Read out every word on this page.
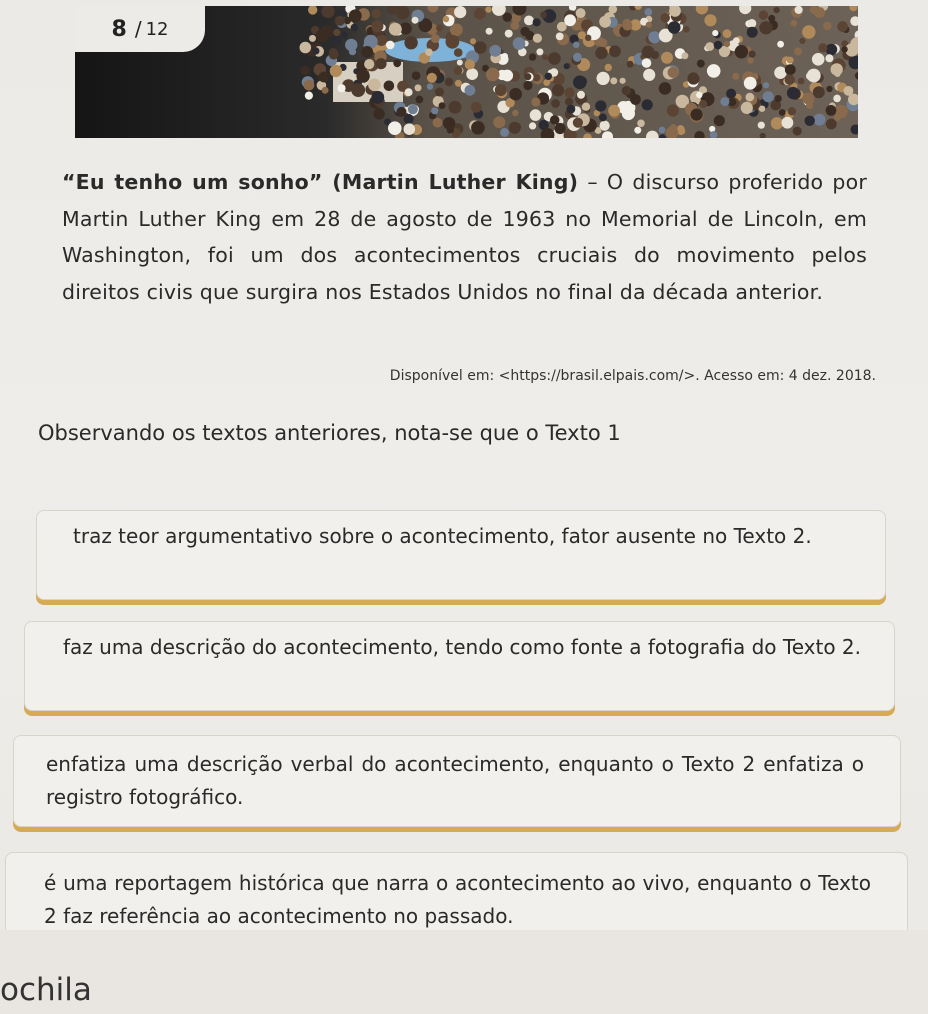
8 / 12
“Eu tenho um sonho” (Martin Luther King) – O discurso proferido por Martin Luther King em 28 de agosto de 1963 no Memorial de Lincoln, em Washington, foi um dos acontecimentos cruciais do movimento pelos direitos civis que surgira nos Estados Unidos no final da década anterior.
Disponível em: <https://brasil.elpais.com/>. Acesso em: 4 dez. 2018.
Observando os textos anteriores, nota-se que o Texto 1
traz teor argumentativo sobre o acontecimento, fator ausente no Texto 2.
faz uma descrição do acontecimento, tendo como fonte a fotografia do Texto 2.
enfatiza uma descrição verbal do acontecimento, enquanto o Texto 2 enfatiza o registro fotográfico.
é uma reportagem histórica que narra o acontecimento ao vivo, enquanto o Texto 2 faz referência ao acontecimento no passado.
ochila
